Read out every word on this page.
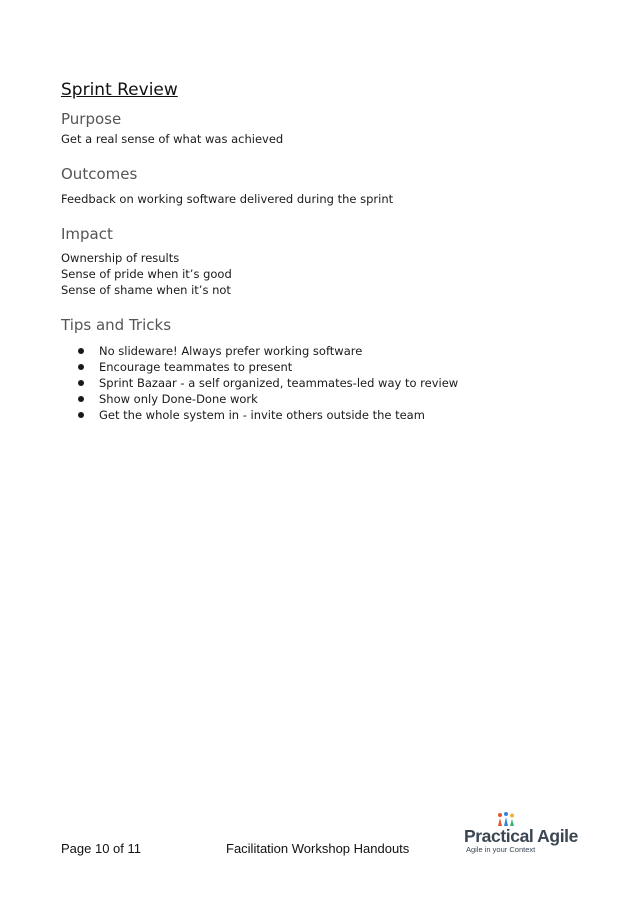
Sprint Review
Purpose

Get a real sense of what was achieved

Outcomes

Feedback on working software delivered during the sprint

Impact

Ownership of results

Sense of pride when it’s good

Sense of shame when it’s not

Tips and Tricks
No slideware! Always prefer working software
Encourage teammates to present
Sprint Bazaar - a self organized, teammates-led way to review
Show only Done-Done work
Get the whole system in - invite others outside the team
Page 10 of 11	Facilitation Workshop Handouts
Practical Agile
Agile in your Context
